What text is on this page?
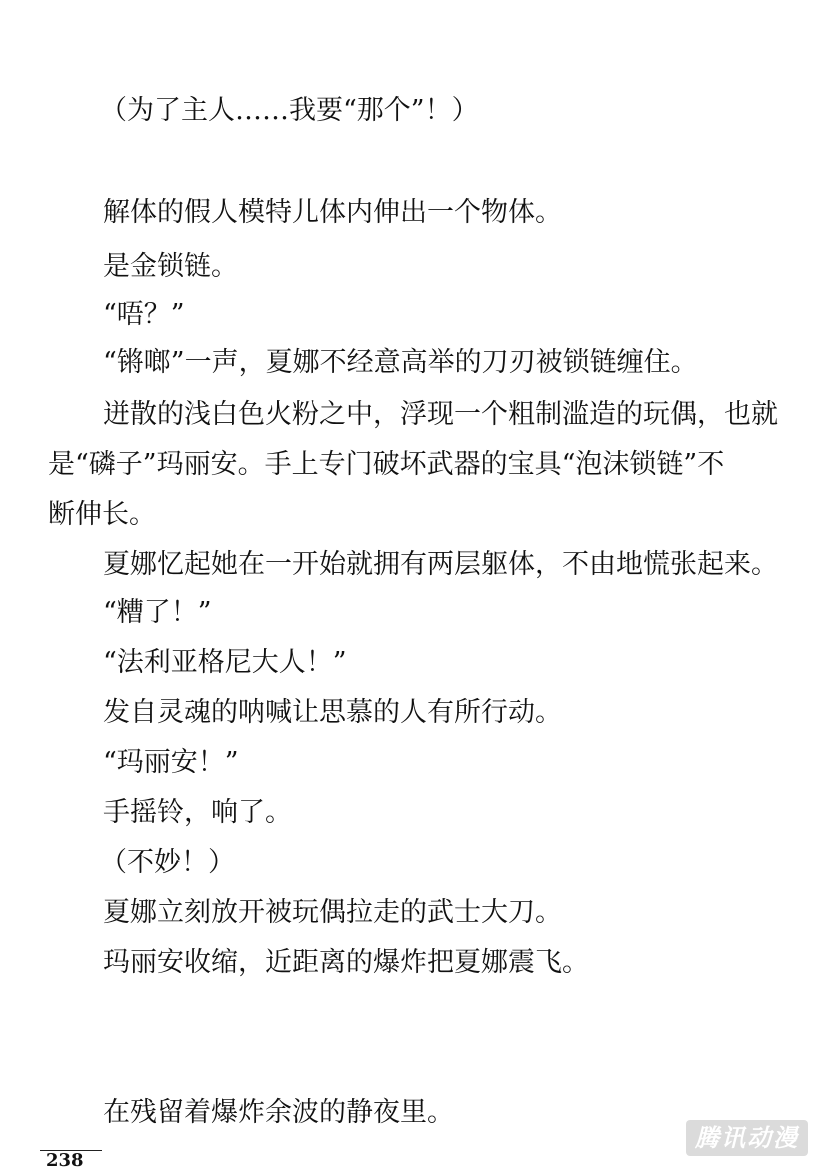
（为了主人……我要“那个”！）
解体的假人模特儿体内伸出一个物体。
是金锁链。
“唔？”
“锵啷”一声，夏娜不经意高举的刀刃被锁链缠住。
迸散的浅白色火粉之中，浮现一个粗制滥造的玩偶，也就
是“磷子”玛丽安。手上专门破坏武器的宝具“泡沫锁链”不
断伸长。
夏娜忆起她在一开始就拥有两层躯体，不由地慌张起来。
“糟了！”
“法利亚格尼大人！”
发自灵魂的呐喊让思慕的人有所行动。
“玛丽安！”
手摇铃，响了。
（不妙！）
夏娜立刻放开被玩偶拉走的武士大刀。
玛丽安收缩，近距离的爆炸把夏娜震飞。
在残留着爆炸余波的静夜里。
238
腾讯动漫
